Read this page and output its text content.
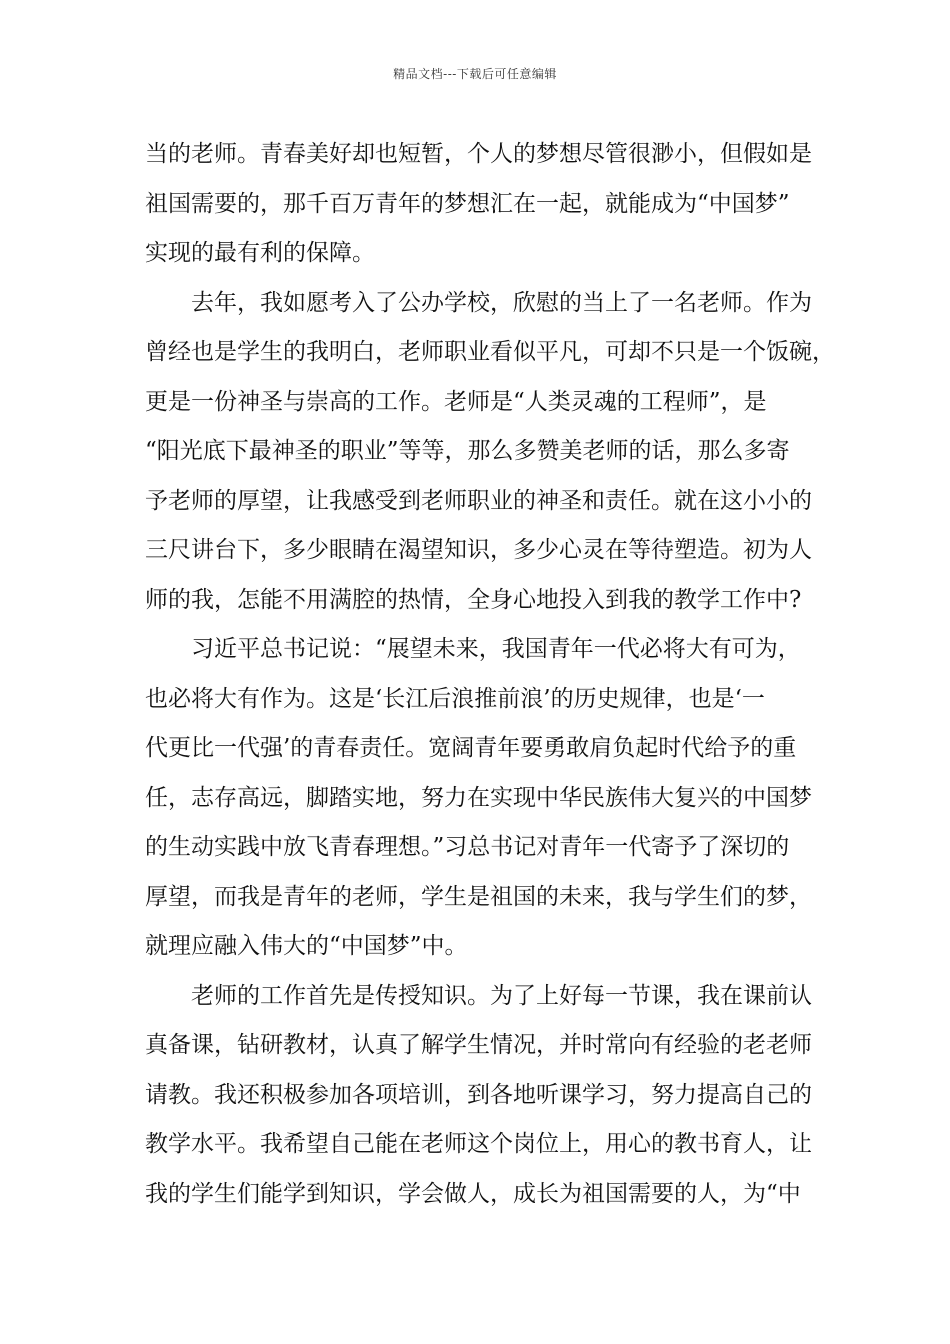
精品文档---下载后可任意编辑
当的老师。青春美好却也短暂，个人的梦想尽管很渺小，但假如是
祖国需要的，那千百万青年的梦想汇在一起，就能成为“中国梦”
实现的最有利的保障。
去年，我如愿考入了公办学校，欣慰的当上了一名老师。作为
曾经也是学生的我明白，老师职业看似平凡，可却不只是一个饭碗，
更是一份神圣与崇高的工作。老师是“人类灵魂的工程师”，是
“阳光底下最神圣的职业”等等，那么多赞美老师的话，那么多寄
予老师的厚望，让我感受到老师职业的神圣和责任。就在这小小的
三尺讲台下，多少眼睛在渴望知识，多少心灵在等待塑造。初为人
师的我，怎能不用满腔的热情，全身心地投入到我的教学工作中?
习近平总书记说：“展望未来，我国青年一代必将大有可为，
也必将大有作为。这是‘长江后浪推前浪’的历史规律，也是‘一
代更比一代强’的青春责任。宽阔青年要勇敢肩负起时代给予的重
任，志存高远，脚踏实地，努力在实现中华民族伟大复兴的中国梦
的生动实践中放飞青春理想。”习总书记对青年一代寄予了深切的
厚望，而我是青年的老师，学生是祖国的未来，我与学生们的梦，
就理应融入伟大的“中国梦”中。
老师的工作首先是传授知识。为了上好每一节课，我在课前认
真备课，钻研教材，认真了解学生情况，并时常向有经验的老老师
请教。我还积极参加各项培训，到各地听课学习，努力提高自己的
教学水平。我希望自己能在老师这个岗位上，用心的教书育人，让
我的学生们能学到知识，学会做人，成长为祖国需要的人，为“中
